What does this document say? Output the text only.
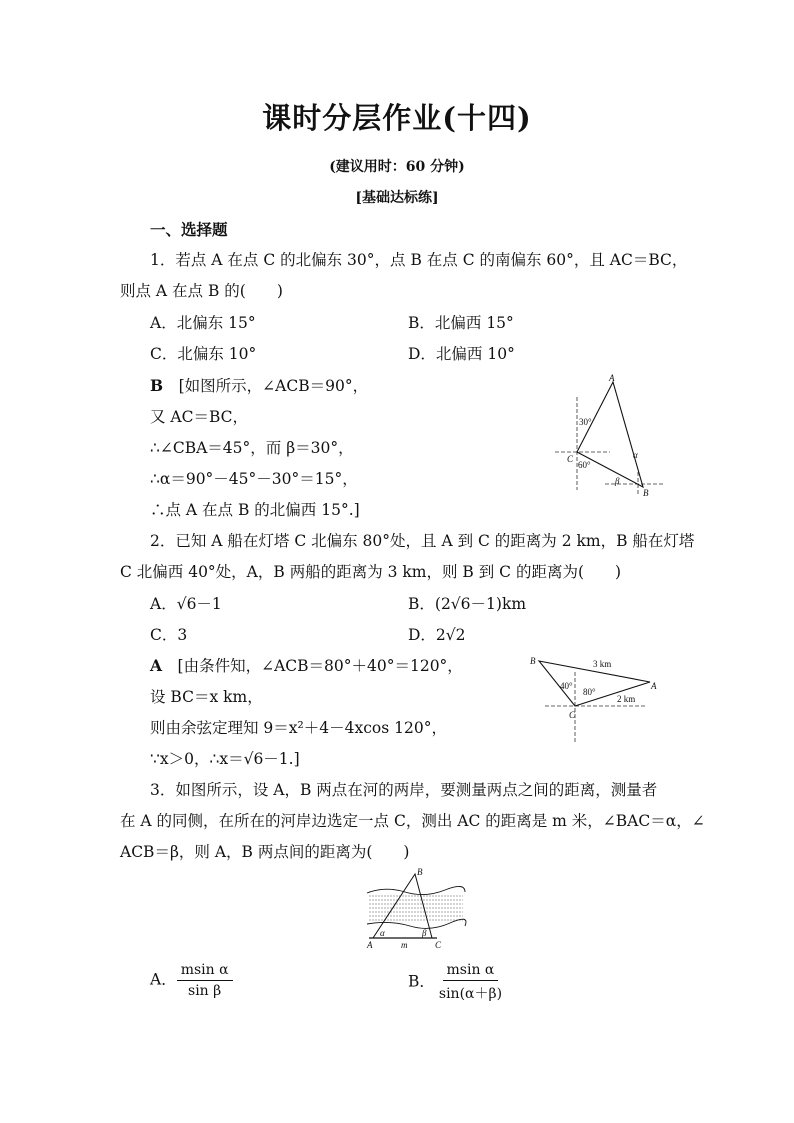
课时分层作业(十四)
(建议用时：60 分钟)
[基础达标练]
一、选择题
1．若点 A 在点 C 的北偏东 30°，点 B 在点 C 的南偏东 60°，且 AC＝BC，
则点 A 在点 B 的(　　)
A．北偏东 15°	B．北偏西 15°
C．北偏东 10°	D．北偏西 10°
B　 [如图所示，∠ACB＝90°，
又 AC＝BC，
∴∠CBA＝45°，而 β＝30°，
∴α＝90°－45°－30°＝15°，
∴点 A 在点 B 的北偏西 15°.]
A
B
C
30°
60°
α
β
2．已知 A 船在灯塔 C 北偏东 80°处，且 A 到 C 的距离为 2 km，B 船在灯塔
C 北偏西 40°处，A，B 两船的距离为 3 km，则 B 到 C 的距离为(　　)
A．√6－1	B．(2√6－1)km
C．3	D．2√2
A　 [由条件知，∠ACB＝80°＋40°＝120°，
设 BC＝x km，
则由余弦定理知 9＝x²＋4－4xcos 120°，
∵x＞0，∴x＝√6－1.]
B
A
C
3 km
2 km
40°
80°
3．如图所示，设 A，B 两点在河的两岸，要测量两点之间的距离，测量者
在 A 的同侧，在所在的河岸边选定一点 C，测出 AC 的距离是 m 米，∠BAC＝α，∠
ACB＝β，则 A，B 两点间的距离为(　　)
B
A	C
m
α	β
A． $\frac{\text{msin α}}{\text{sin β}}$	B． $\frac{\text{msin α}}{\sin(\alpha+\beta)}$
